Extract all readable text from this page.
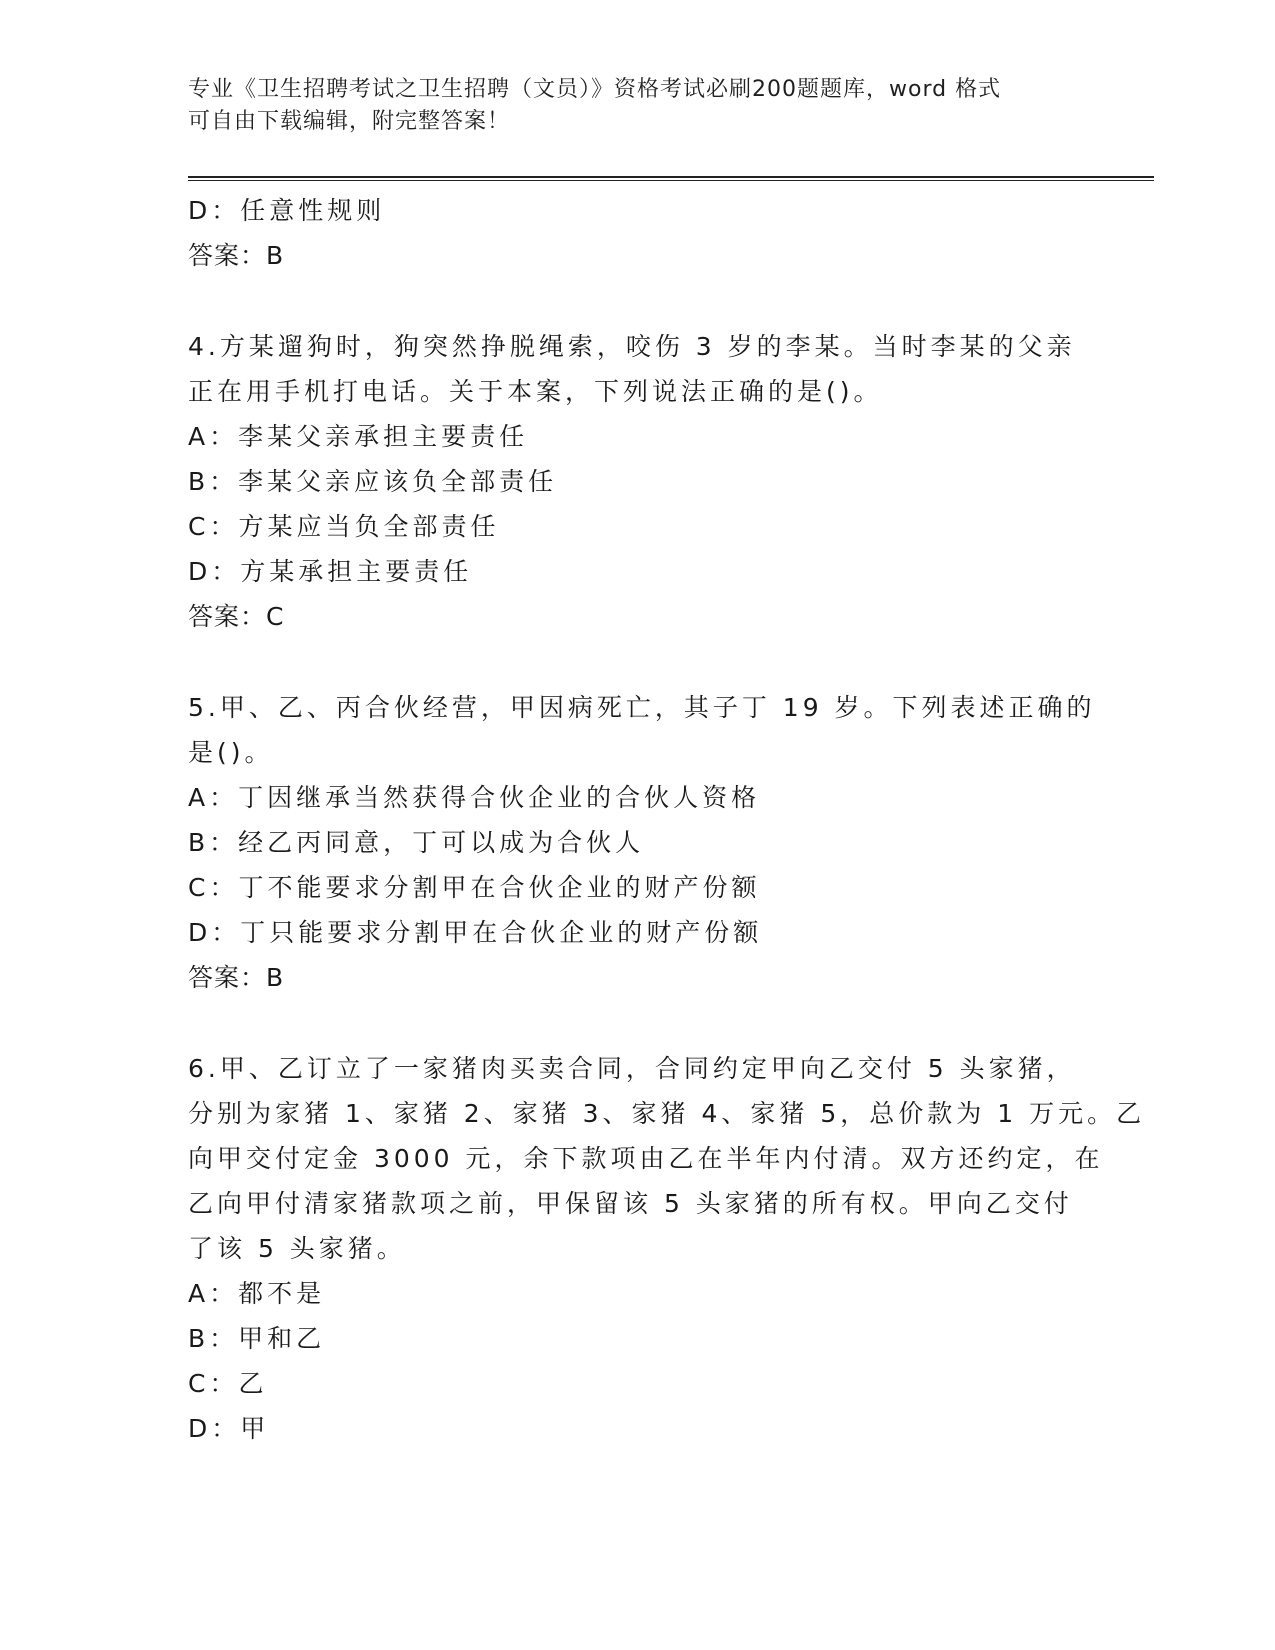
专业《卫生招聘考试之卫生招聘（文员）》资格考试必刷200题题库，word 格式
可自由下载编辑，附完整答案！
D：任意性规则
答案：B
4.方某遛狗时，狗突然挣脱绳索，咬伤 3 岁的李某。当时李某的父亲
正在用手机打电话。关于本案，下列说法正确的是()。
A：李某父亲承担主要责任
B：李某父亲应该负全部责任
C：方某应当负全部责任
D：方某承担主要责任
答案：C
5.甲、乙、丙合伙经营，甲因病死亡，其子丁 19 岁。下列表述正确的
是()。
A：丁因继承当然获得合伙企业的合伙人资格
B：经乙丙同意，丁可以成为合伙人
C：丁不能要求分割甲在合伙企业的财产份额
D：丁只能要求分割甲在合伙企业的财产份额
答案：B
6.甲、乙订立了一家猪肉买卖合同，合同约定甲向乙交付 5 头家猪，
分别为家猪 1、家猪 2、家猪 3、家猪 4、家猪 5，总价款为 1 万元。乙
向甲交付定金 3000 元，余下款项由乙在半年内付清。双方还约定，在
乙向甲付清家猪款项之前，甲保留该 5 头家猪的所有权。甲向乙交付
了该 5 头家猪。
A：都不是
B：甲和乙
C：乙
D：甲
